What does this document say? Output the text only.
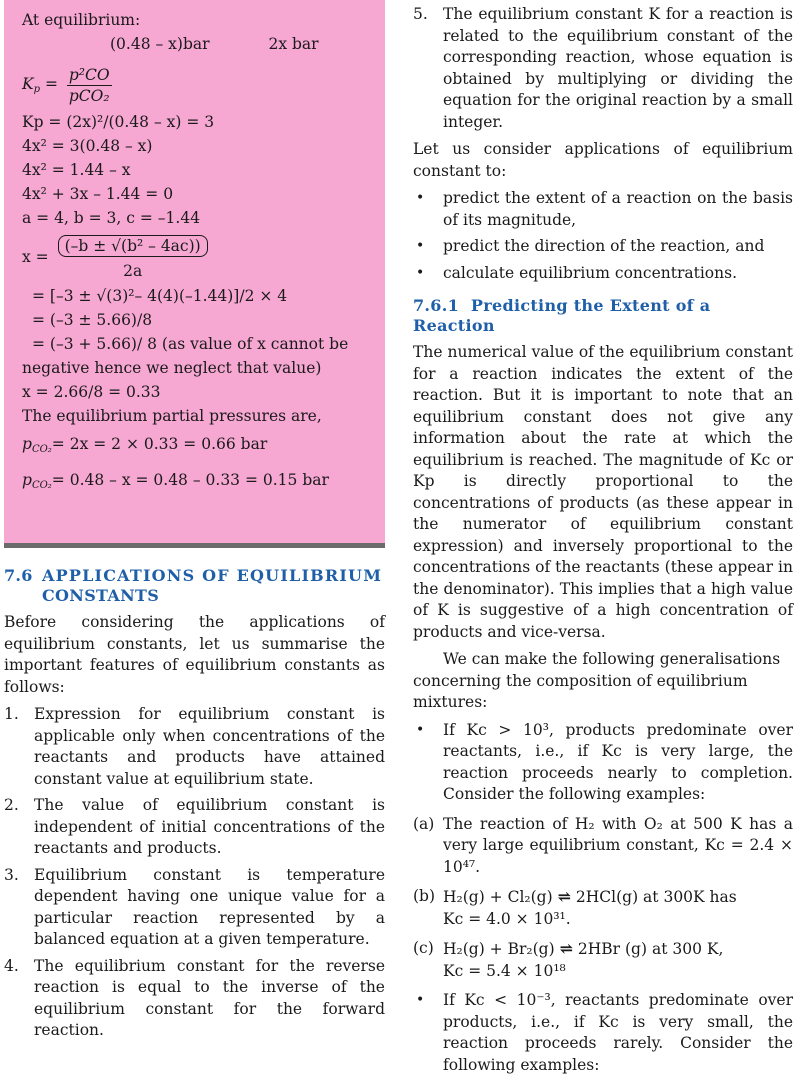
At equilibrium:
(0.48 – x)bar	2x bar
$K_p = \frac{\text{p²CO}}{\text{pCO₂}}$
Kp = (2x)²/(0.48 – x) = 3
4x² = 3(0.48 – x)
4x² = 1.44 – x
4x² + 3x – 1.44 = 0
a = 4, b = 3, c = –1.44
$x = \frac{\text{(–b ± √(b² – 4ac))}}{2a}$
= [–3 ± √(3)²– 4(4)(–1.44)]/2 × 4
= (–3 ± 5.66)/8
= (–3 + 5.66)/ 8 (as value of x cannot be negative hence we neglect that value)
x = 2.66/8 = 0.33
The equilibrium partial pressures are,
$p_{CO_2}= 2x = 2 \times 0.33 = 0.66$ bar
$p_{CO_2}= 0.48 - x = 0.48 - 0.33 = 0.15$ bar
7.6 APPLICATIONS OF EQUILIBRIUM
CONSTANTS
Before considering the applications of equilibrium constants, let us summarise the important features of equilibrium constants as follows:
1. Expression for equilibrium constant is applicable only when concentrations of the reactants and products have attained constant value at equilibrium state.
2. The value of equilibrium constant is independent of initial concentrations of the reactants and products.
3. Equilibrium constant is temperature dependent having one unique value for a particular reaction represented by a balanced equation at a given temperature.
4. The equilibrium constant for the reverse reaction is equal to the inverse of the equilibrium constant for the forward reaction.
5. The equilibrium constant K for a reaction is related to the equilibrium constant of the corresponding reaction, whose equation is obtained by multiplying or dividing the equation for the original reaction by a small integer.
Let us consider applications of equilibrium constant to:
• predict the extent of a reaction on the basis of its magnitude,
• predict the direction of the reaction, and
• calculate equilibrium concentrations.
7.6.1 Predicting the Extent of a Reaction
The numerical value of the equilibrium constant for a reaction indicates the extent of the reaction. But it is important to note that an equilibrium constant does not give any information about the rate at which the equilibrium is reached. The magnitude of Kc or Kp is directly proportional to the concentrations of products (as these appear in the numerator of equilibrium constant expression) and inversely proportional to the concentrations of the reactants (these appear in the denominator). This implies that a high value of K is suggestive of a high concentration of products and vice-versa.
We can make the following generalisations concerning the composition of equilibrium mixtures:
• If Kc > 10³, products predominate over reactants, i.e., if Kc is very large, the reaction proceeds nearly to completion. Consider the following examples:
(a) The reaction of H₂ with O₂ at 500 K has a very large equilibrium constant, Kc = 2.4 × 10⁴⁷.
(b) H₂(g) + Cl₂(g) ⇌ 2HCl(g) at 300K has
Kc = 4.0 × 10³¹.
(c) H₂(g) + Br₂(g) ⇌ 2HBr (g) at 300 K,
Kc = 5.4 × 10¹⁸
• If Kc < 10⁻³, reactants predominate over products, i.e., if Kc is very small, the reaction proceeds rarely. Consider the following examples:
